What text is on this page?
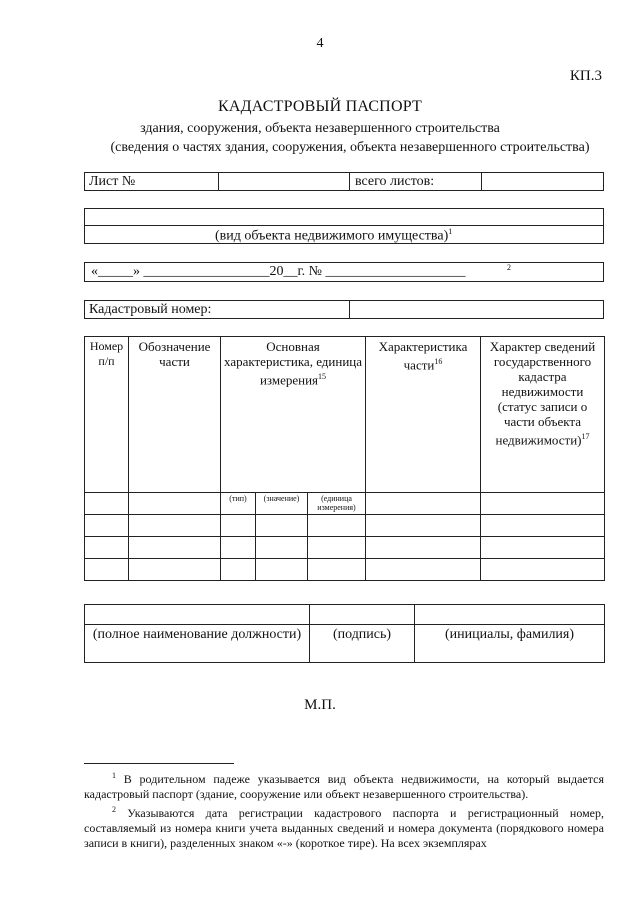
4
КП.3
КАДАСТРОВЫЙ ПАСПОРТ
здания, сооружения, объекта незавершенного строительства
(сведения о частях здания, сооружения, объекта незавершенного строительства)
Лист №	всего листов:
(вид объекта недвижимого имущества)$^1$
«_____» __________________20__г. № ____________________	2
Кадастровый номер:
Номер п/п	Обозначение части	Основная характеристика, единица измерения$^{15}$			Характеристика части$^{16}$	Характер сведений государственного кадастра недвижимости (статус записи о части объекта недвижимости)$^{17}$
		(тип)	(значение)	(единица измерения)		

(полное наименование должности)	(подпись)	(инициалы, фамилия)
М.П.

$^1$ В родительном падеже указывается вид объекта недвижимости, на который выдается кадастровый паспорт (здание, сооружение или объект незавершенного строительства).

$^2$ Указываются дата регистрации кадастрового паспорта и регистрационный номер, составляемый из номера книги учета выданных сведений и номера документа (порядкового номера записи в книги), разделенных знаком «-» (короткое тире). На всех экземплярах
